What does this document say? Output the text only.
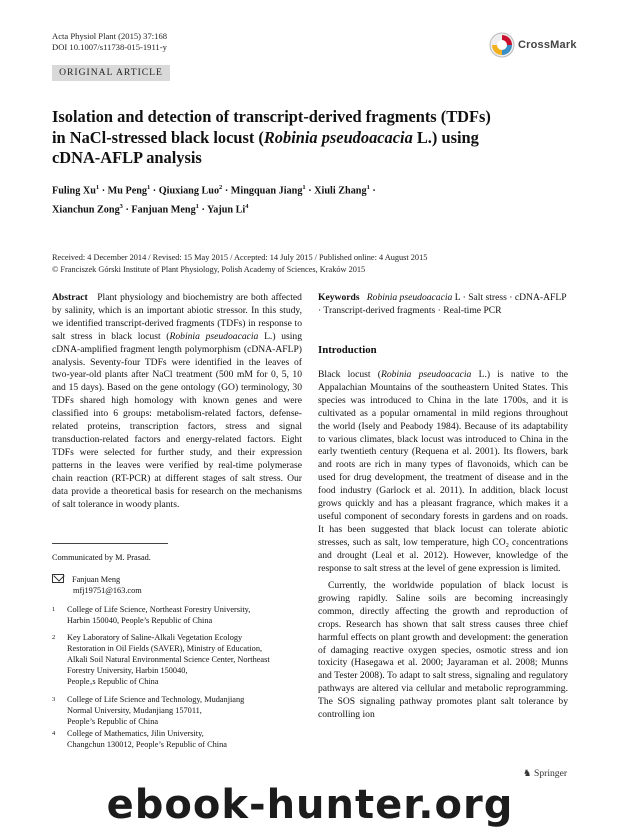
Acta Physiol Plant (2015) 37:168
DOI 10.1007/s11738-015-1911-y	CrossMark
ORIGINAL ARTICLE
Isolation and detection of transcript-derived fragments (TDFs)
in NaCl-stressed black locust (Robinia pseudoacacia L.) using
cDNA-AFLP analysis
Fuling $Xu^1 \cdot Mu$ Peng$^1$ · Qiuxiang Luo$^2$ · Mingquan Jiang$^1$ · Xiuli Zhang$^1$ ·
Xianchun Zong$^3$ · Fanjuan Meng$^1$ · Yajun Li$^4$
Received: 4 December 2014 / Revised: 15 May 2015 / Accepted: 14 July 2015 / Published online: 4 August 2015
© Franciszek Górski Institute of Plant Physiology, Polish Academy of Sciences, Kraków 2015
Abstract Plant physiology and biochemistry are both affected by salinity, which is an important abiotic stressor. In this study, we identified transcript-derived fragments (TDFs) in response to salt stress in black locust (Robinia pseudoacacia L.) using cDNA-amplified fragment length polymorphism (cDNA-AFLP) analysis. Seventy-four TDFs were identified in the leaves of two-year-old plants after NaCl treatment (500 mM for 0, 5, 10 and 15 days). Based on the gene ontology (GO) terminology, 30 TDFs shared high homology with known genes and were classified into 6 groups: metabolism-related factors, defense-related proteins, transcription factors, stress and signal transduction-related factors and energy-related factors. Eight TDFs were selected for further study, and their expression patterns in the leaves were verified by real-time polymerase chain reaction (RT-PCR) at different stages of salt stress. Our data provide a theoretical basis for research on the mechanisms of salt tolerance in woody plants.
Communicated by M. Prasad.
Fanjuan Meng
mfj19751@163.com
1 College of Life Science, Northeast Forestry University,
Harbin 150040, People’s Republic of China
2 Key Laboratory of Saline-Alkali Vegetation Ecology
Restoration in Oil Fields (SAVER), Ministry of Education,
Alkali Soil Natural Environmental Science Center, Northeast
Forestry University, Harbin 150040,
People‚s Republic of China
3 College of Life Science and Technology, Mudanjiang
Normal University, Mudanjiang 157011,
People’s Republic of China
4 College of Mathematics, Jilin University,
Changchun 130012, People’s Republic of China
Keywords Robinia pseudoacacia L · Salt stress · cDNA-AFLP · Transcript-derived fragments · Real-time PCR
Introduction
Black locust (Robinia pseudoacacia L.) is native to the Appalachian Mountains of the southeastern United States. This species was introduced to China in the late 1700s, and it is cultivated as a popular ornamental in mild regions throughout the world (Isely and Peabody 1984). Because of its adaptability to various climates, black locust was introduced to China in the early twentieth century (Requena et al. 2001). Its flowers, bark and roots are rich in many types of flavonoids, which can be used for drug development, the treatment of disease and in the food industry (Garlock et al. 2011). In addition, black locust grows quickly and has a pleasant fragrance, which makes it a useful component of secondary forests in gardens and on roads. It has been suggested that black locust can tolerate abiotic stresses, such as salt, low temperature, high CO₂ concentrations and drought (Leal et al. 2012). However, knowledge of the response to salt stress at the level of gene expression is limited.
Currently, the worldwide population of black locust is growing rapidly. Saline soils are becoming increasingly common, directly affecting the growth and reproduction of crops. Research has shown that salt stress causes three chief harmful effects on plant growth and development: the generation of damaging reactive oxygen species, osmotic stress and ion toxicity (Hasegawa et al. 2000; Jayaraman et al. 2008; Munns and Tester 2008). To adapt to salt stress, signaling and regulatory pathways are altered via cellular and metabolic reprogramming. The SOS signaling pathway promotes plant salt tolerance by controlling ion
♞ Springer
ebook-hunter.org
